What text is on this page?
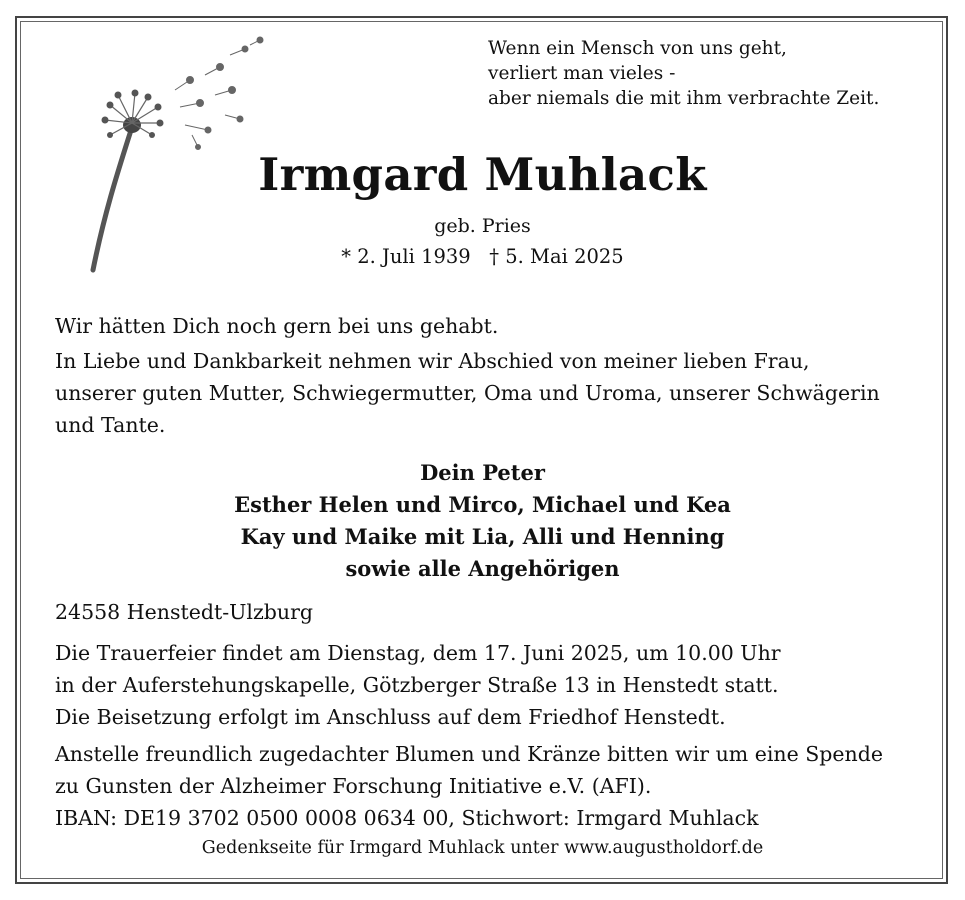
Wenn ein Mensch von uns geht,
verliert man vieles -
aber niemals die mit ihm verbrachte Zeit.
Irmgard Muhlack
geb. Pries
* 2. Juli 1939   † 5. Mai 2025
Wir hätten Dich noch gern bei uns gehabt.
In Liebe und Dankbarkeit nehmen wir Abschied von meiner lieben Frau,
unserer guten Mutter, Schwiegermutter, Oma und Uroma, unserer Schwägerin
und Tante.
Dein Peter
Esther Helen und Mirco, Michael und Kea
Kay und Maike mit Lia, Alli und Henning
sowie alle Angehörigen
24558 Henstedt-Ulzburg
Die Trauerfeier findet am Dienstag, dem 17. Juni 2025, um 10.00 Uhr
in der Auferstehungskapelle, Götzberger Straße 13 in Henstedt statt.
Die Beisetzung erfolgt im Anschluss auf dem Friedhof Henstedt.
Anstelle freundlich zugedachter Blumen und Kränze bitten wir um eine Spende
zu Gunsten der Alzheimer Forschung Initiative e.V. (AFI).
IBAN: DE19 3702 0500 0008 0634 00, Stichwort: Irmgard Muhlack
Gedenkseite für Irmgard Muhlack unter www.augustholdorf.de
